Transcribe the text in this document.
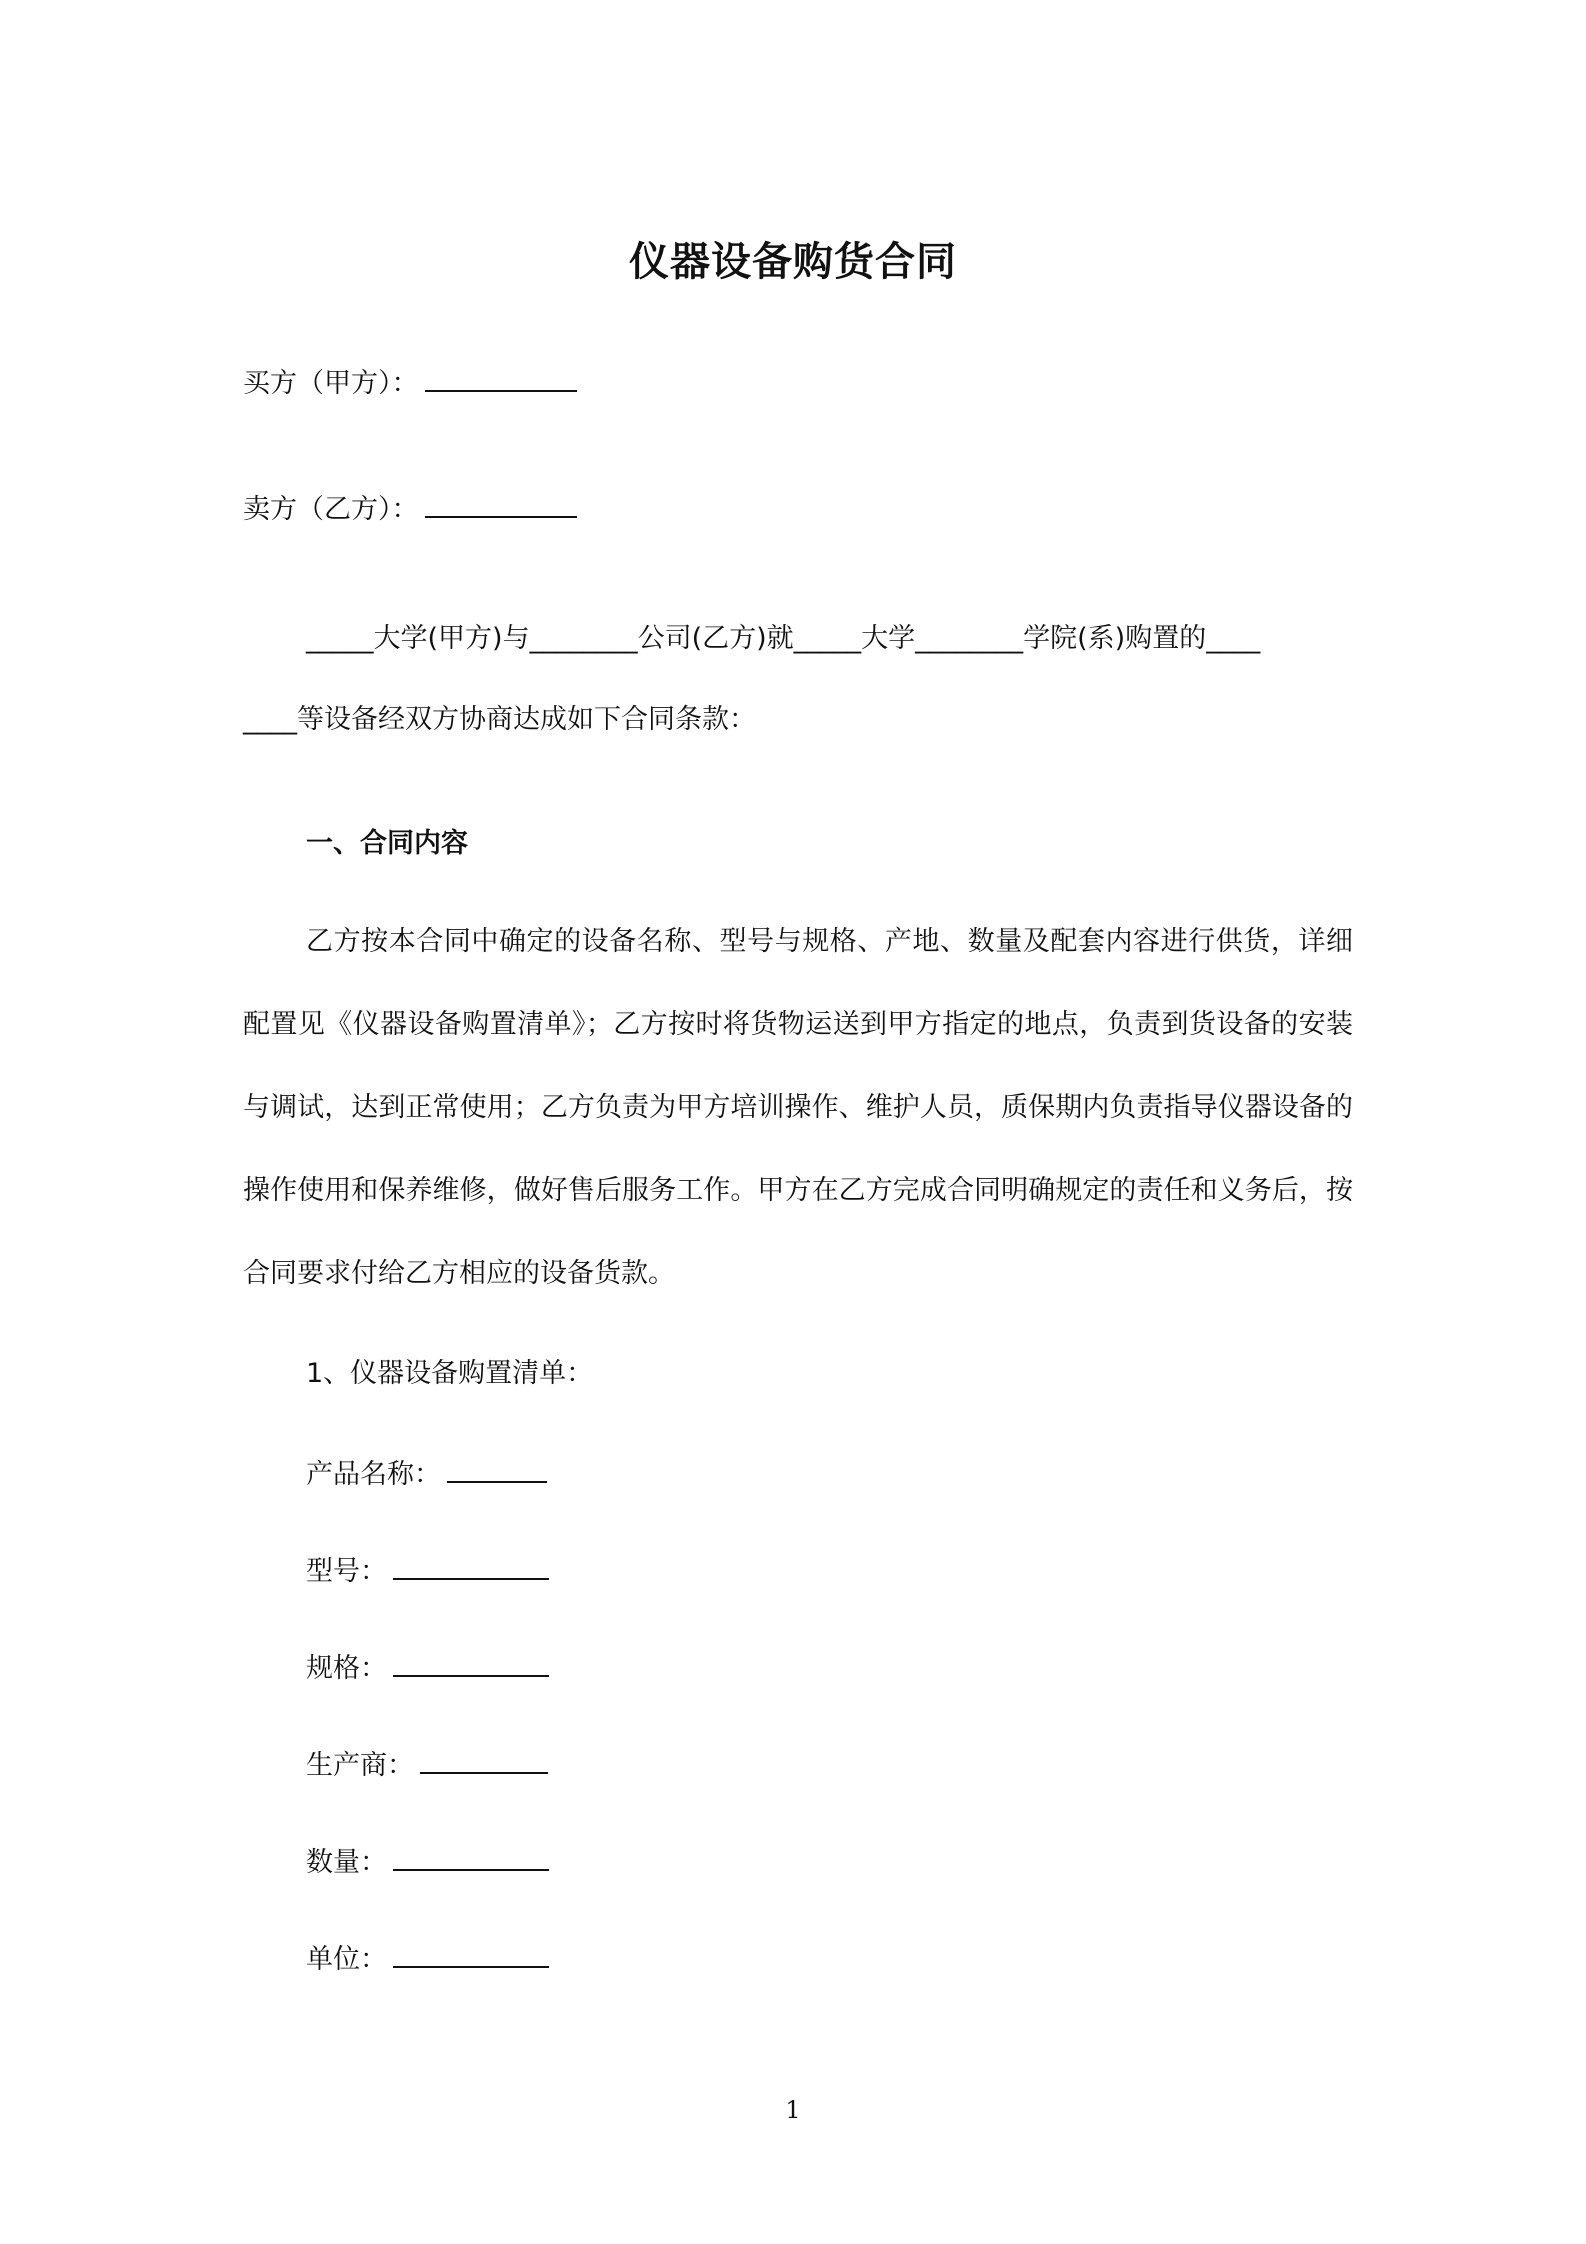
仪器设备购货合同
买方（甲方）：
卖方（乙方）：
_____大学(甲方)与________公司(乙方)就_____大学________学院(系)购置的____
____等设备经双方协商达成如下合同条款：
一、合同内容
乙方按本合同中确定的设备名称、型号与规格、产地、数量及配套内容进行供货，详细配置见《仪器设备购置清单》；乙方按时将货物运送到甲方指定的地点，负责到货设备的安装与调试，达到正常使用；乙方负责为甲方培训操作、维护人员，质保期内负责指导仪器设备的操作使用和保养维修，做好售后服务工作。甲方在乙方完成合同明确规定的责任和义务后，按合同要求付给乙方相应的设备货款。
1、仪器设备购置清单：
产品名称：
型号：
规格：
生产商：
数量：
单位：
1
